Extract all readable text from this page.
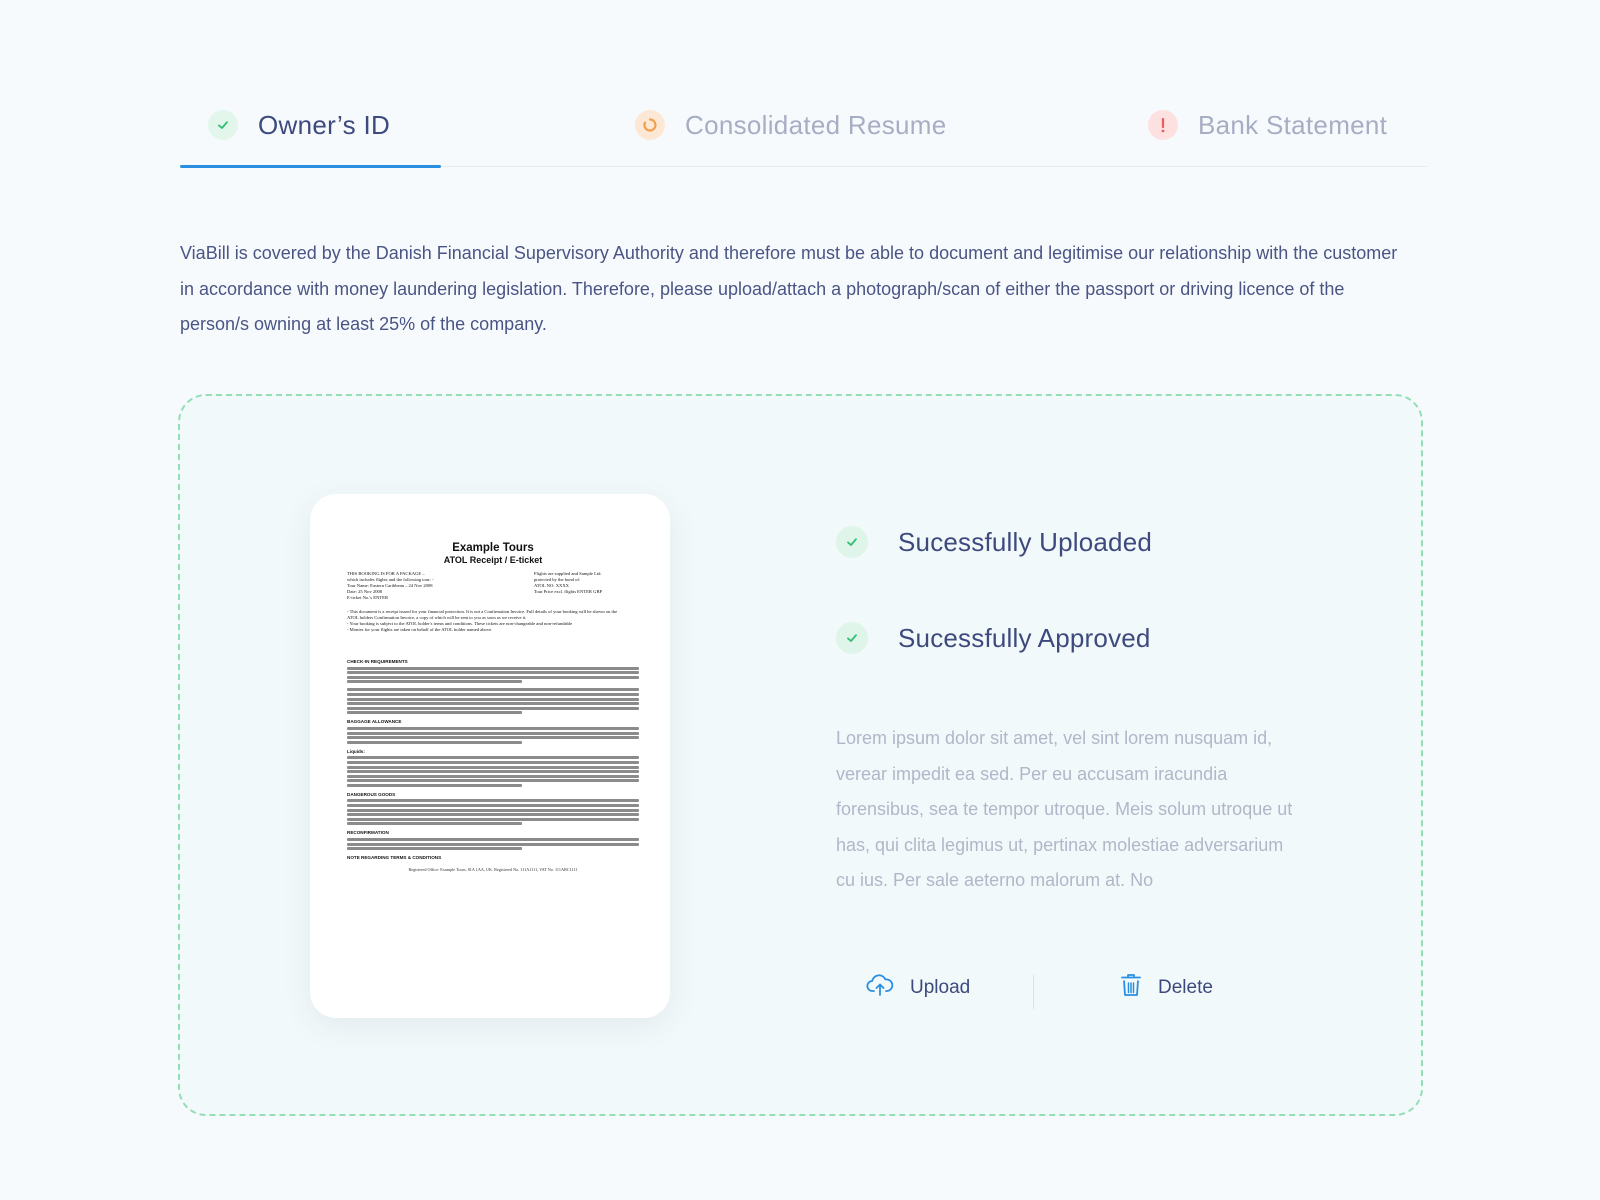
Owner’s ID	Consolidated Resume	Bank Statement

ViaBill is covered by the Danish Financial Supervisory Authority and therefore must be able to document and legitimise our relationship with the customer in accordance with money laundering legislation. Therefore, please upload/attach a photograph/scan of either the passport or driving licence of the person/s owning at least 25% of the company.

Example Tours
ATOL Receipt / E-ticket
THIS BOOKING IS FOR A PACKAGE –
which includes flights and the following tour: -
Tour Name: Eastern Caribbean – 24 Nov 2008
Date: 25 Nov 2008
E-ticket No.'s ENTER
Flights are supplied and Sample Ltd.
protected by the bond of:
ATOL NO: XXXX
Tour Price excl. flights ENTER GBP
- This document is a receipt issued for your financial protection. It is not a Confirmation Invoice. Full details of your booking will be shown on the
ATOL holders Confirmation Invoice, a copy of which will be sent to you as soon as we receive it.
- Your booking is subject to the ATOL holder's terms and conditions. These tickets are non-changeable and non-refundable
- Monies for your flights are taken on behalf of the ATOL holder named above.
CHECK-IN REQUIREMENTS
BAGGAGE ALLOWANCE
Liquids:
DANGEROUS GOODS
RECONFIRMATION
NOTE REGARDING TERMS & CONDITIONS
Registered Office: Example Tours, 81A 1AA, UK. Registered No. 111A1111, VAT No. 111ABC1111
Sucessfully Uploaded
Sucessfully Approved

Lorem ipsum dolor sit amet, vel sint lorem nusquam id, verear impedit ea sed. Per eu accusam iracundia forensibus, sea te tempor utroque. Meis solum utroque ut has, qui clita legimus ut, pertinax molestiae adversarium cu ius. Per sale aeterno malorum at. No

Upload	Delete
